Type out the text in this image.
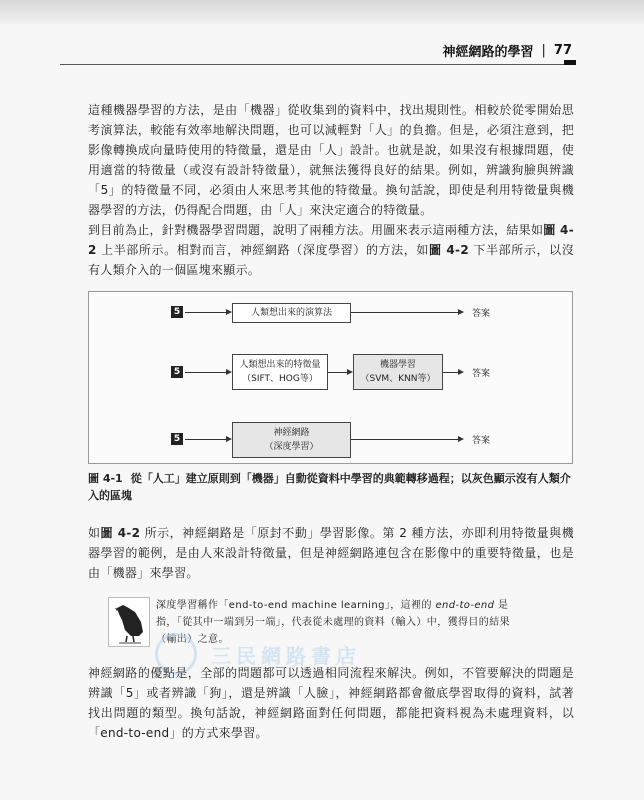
神經網路的學習 | 77

這種機器學習的方法，是由「機器」從收集到的資料中，找出規則性。相較於從零開始思考演算法，較能有效率地解決問題，也可以減輕對「人」的負擔。但是，必須注意到，把影像轉換成向量時使用的特徵量，還是由「人」設計。也就是說，如果沒有根據問題，使用適當的特徵量（或沒有設計特徵量），就無法獲得良好的結果。例如，辨識狗臉與辨識「5」的特徵量不同，必須由人來思考其他的特徵量。換句話說，即使是利用特徵量與機器學習的方法，仍得配合問題，由「人」來決定適合的特徵量。

到目前為止，針對機器學習問題，說明了兩種方法。用圖來表示這兩種方法，結果如圖 4-2 上半部所示。相對而言，神經網路（深度學習）的方法，如圖 4-2 下半部所示，以沒有人類介入的一個區塊來顯示。

5	人類想出來的演算法	答案
5
人類想出來的特徵量
（SIFT、HOG等）
機器學習
（SVM、KNN等）	答案
5
神經網路
（深度學習）
答案

圖 4-1 從「人工」建立原則到「機器」自動從資料中學習的典範轉移過程；以灰色顯示沒有人類介入的區塊

如圖 4-2 所示，神經網路是「原封不動」學習影像。第 2 種方法，亦即利用特徵量與機器學習的範例，是由人來設計特徵量，但是神經網路連包含在影像中的重要特徵量，也是由「機器」來學習。

深度學習稱作「end-to-end machine learning」，這裡的 end-to-end 是指，「從其中一端到另一端」，代表從未處理的資料（輸入）中，獲得目的結果（輸出）之意。

三民網路書店

神經網路的優點是，全部的問題都可以透過相同流程來解決。例如，不管要解決的問題是辨識「5」或者辨識「狗」，還是辨識「人臉」，神經網路都會徹底學習取得的資料，試著找出問題的類型。換句話說，神經網路面對任何問題，都能把資料視為未處理資料，以「end-to-end」的方式來學習。
